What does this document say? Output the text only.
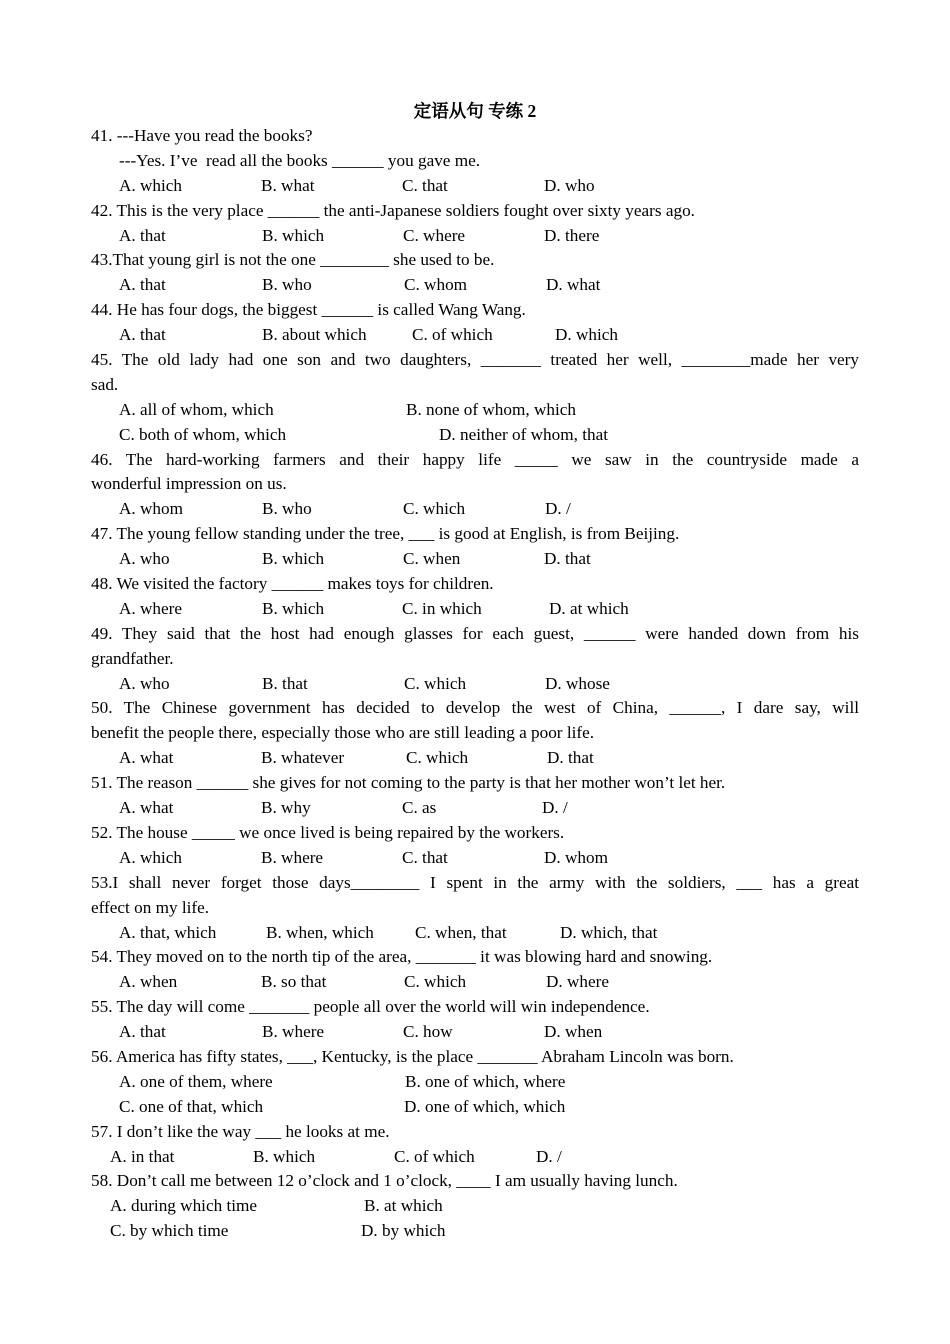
定语从句 专练 2
41. ---Have you read the books?
---Yes. I’ve  read all the books ______ you gave me.

A. which

	B. what

	C. that

	D. who

42. This is the very place ______ the anti-Japanese soldiers fought over sixty years ago.

A. that

	B. which

	C. where

	D. there

43.That young girl is not the one ________ she used to be.

A. that

	B. who

	C. whom

	D. what

44. He has four dogs, the biggest ______ is called Wang Wang.

A. that

	B. about which

	C. of which

	D. which

45. The old lady had one son and two daughters, _______ treated her well, ________made her very
sad.

A. all of whom, which

	B. none of whom, which

C. both of whom, which

	D. neither of whom, that

46. The hard-working farmers and their happy life _____ we saw in the countryside made a
wonderful impression on us.

A. whom

	B. who

	C. which

	D. /

47. The young fellow standing under the tree, ___ is good at English, is from Beijing.

A. who

	B. which

	C. when

	D. that

48. We visited the factory ______ makes toys for children.

A. where

	B. which

	C. in which

	D. at which

49. They said that the host had enough glasses for each guest, ______ were handed down from his
grandfather.

A. who

	B. that

	C. which

	D. whose

50. The Chinese government has decided to develop the west of China, ______, I dare say, will
benefit the people there, especially those who are still leading a poor life.

A. what

	B. whatever

	C. which

	D. that

51. The reason ______ she gives for not coming to the party is that her mother won’t let her.

A. what

	B. why

	C. as

	D. /

52. The house _____ we once lived is being repaired by the workers.

A. which

	B. where

	C. that

	D. whom

53.I shall never forget those days________ I spent in the army with the soldiers, ___ has a great
effect on my life.

A. that, which

	B. when, which

C. when, that

	D. which, that

54. They moved on to the north tip of the area, _______ it was blowing hard and snowing.

A. when

	B. so that

	C. which

	D. where

55. The day will come _______ people all over the world will win independence.

A. that

	B. where

	C. how

	D. when

56. America has fifty states, ___, Kentucky, is the place _______ Abraham Lincoln was born.

A. one of them, where

	B. one of which, where

C. one of that, which

	D. one of which, which

57. I don’t like the way ___ he looks at me.

A. in that

	B. which

	C. of which

	D. /

58. Don’t call me between 12 o’clock and 1 o’clock, ____ I am usually having lunch.

A. during which time

	B. at which

C. by which time

	D. by which
